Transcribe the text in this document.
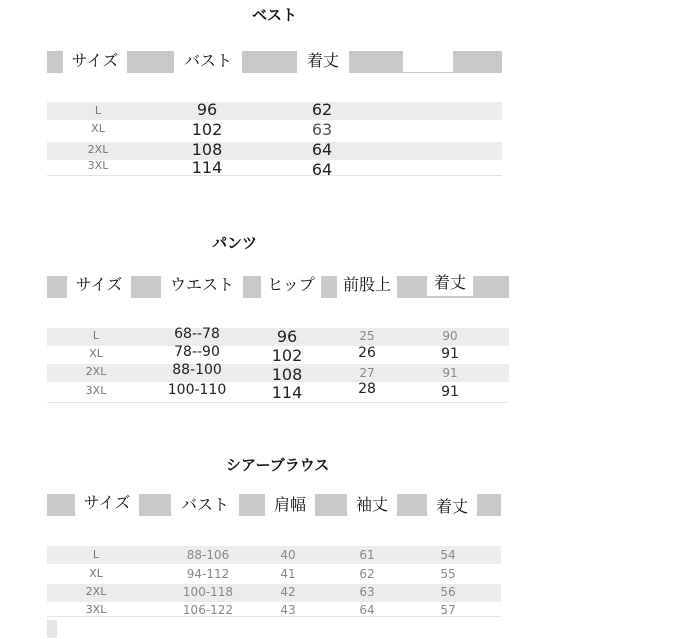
ベスト
サイズ	バスト	着丈
L	96	62
XL	102	63
2XL	108	64
3XL	114	64
パンツ
サイズ	ウエスト	ヒップ	前股上	着丈
L	68--78	96	25	90
XL	78--90	102	26	91
2XL	88-100	108	27	91
3XL	100-110	114	28	91
シアーブラウス
サイズ	バスト	肩幅	袖丈	着丈
L	88-106	40	61	54
XL	94-112	41	62	55
2XL	100-118	42	63	56
3XL	106-122	43	64	57
